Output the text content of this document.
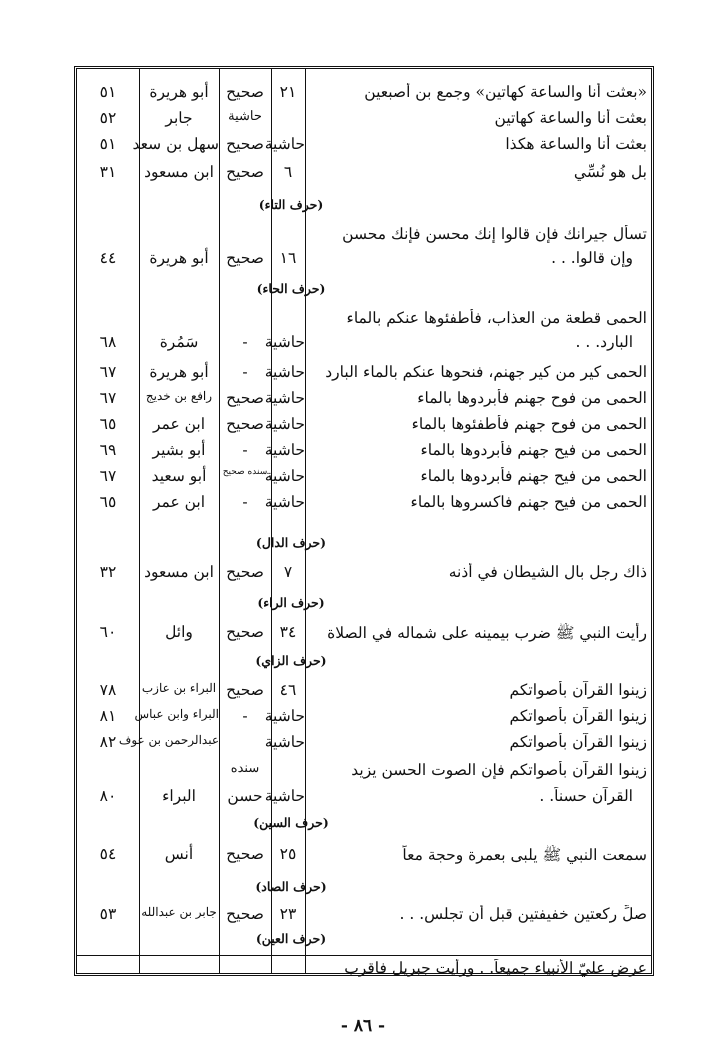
«بعثت أنا والساعة كهاتين» وجمع بن أصبعين
٢١
صحيح
أبو هريرة
٥١
بعثت أنا والساعة كهاتين
حاشية
جابر
٥٢
بعثت أنا والساعة هكذا
حاشية
صحيح
سهل بن سعد
٥١
بل هو نُسِّي
٦
صحيح
ابن مسعود
٣١
تسأل جيرانك فإن قالوا إنك محسن فإنك محسن
وإن قالوا. . .
١٦
صحيح
أبو هريرة
٤٤
الحمى قطعة من العذاب، فأطفئوها عنكم بالماء
البارد. . .
حاشية
-
سَمُرة
٦٨
الحمى كير من كير جهنم، فنحوها عنكم بالماء البارد
حاشية
-
أبو هريرة
٦٧
الحمى من فوح جهنم فأبردوها بالماء
حاشية
صحيح
رافع بن خديج
٦٧
الحمى من فوح جهنم فأطفئوها بالماء
حاشية
صحيح
ابن عمر
٦٥
الحمى من فيح جهنم فأبردوها بالماء
حاشية
-
أبو بشير
٦٩
الحمى من فيح جهنم فأبردوها بالماء
حاشية
سنده صحيح
أبو سعيد
٦٧
الحمى من فيح جهنم فاكسروها بالماء
حاشية
-
ابن عمر
٦٥
ذاك رجل بال الشيطان في أذنه
٧
صحيح
ابن مسعود
٣٢
رأيت النبي ﷺ ضرب بيمينه على شماله في الصلاة
٣٤
صحيح
وائل
٦٠
زينوا القرآن بأصواتكم
٤٦
صحيح
البراء بن عازب
٧٨
زينوا القرآن بأصواتكم
حاشية
-
البراء وابن عباس
٨١
زينوا القرآن بأصواتكم
حاشية
عبدالرحمن بن عوف
٨٢
زينوا القرآن بأصواتكم فإن الصوت الحسن يزيد
سنده
القرآن حسناً. .
حاشية
حسن
البراء
٨٠
سمعت النبي ﷺ يلبى بعمرة وحجة معاً
٢٥
صحيح
أنس
٥٤
صلِّ ركعتين خفيفتين قبل أن تجلس. . .
٢٣
صحيح
جابر بن عبدالله
٥٣
عرض عليّ الأنبياء جميعاً. . ورأيت جبريل فاقرب
(حرف التاء)
(حرف الحاء)
(حرف الدال)
(حرف الراء)
(حرف الزاي)
(حرف السين)
(حرف الصاد)
(حرف العين)
- ٨٦ -
